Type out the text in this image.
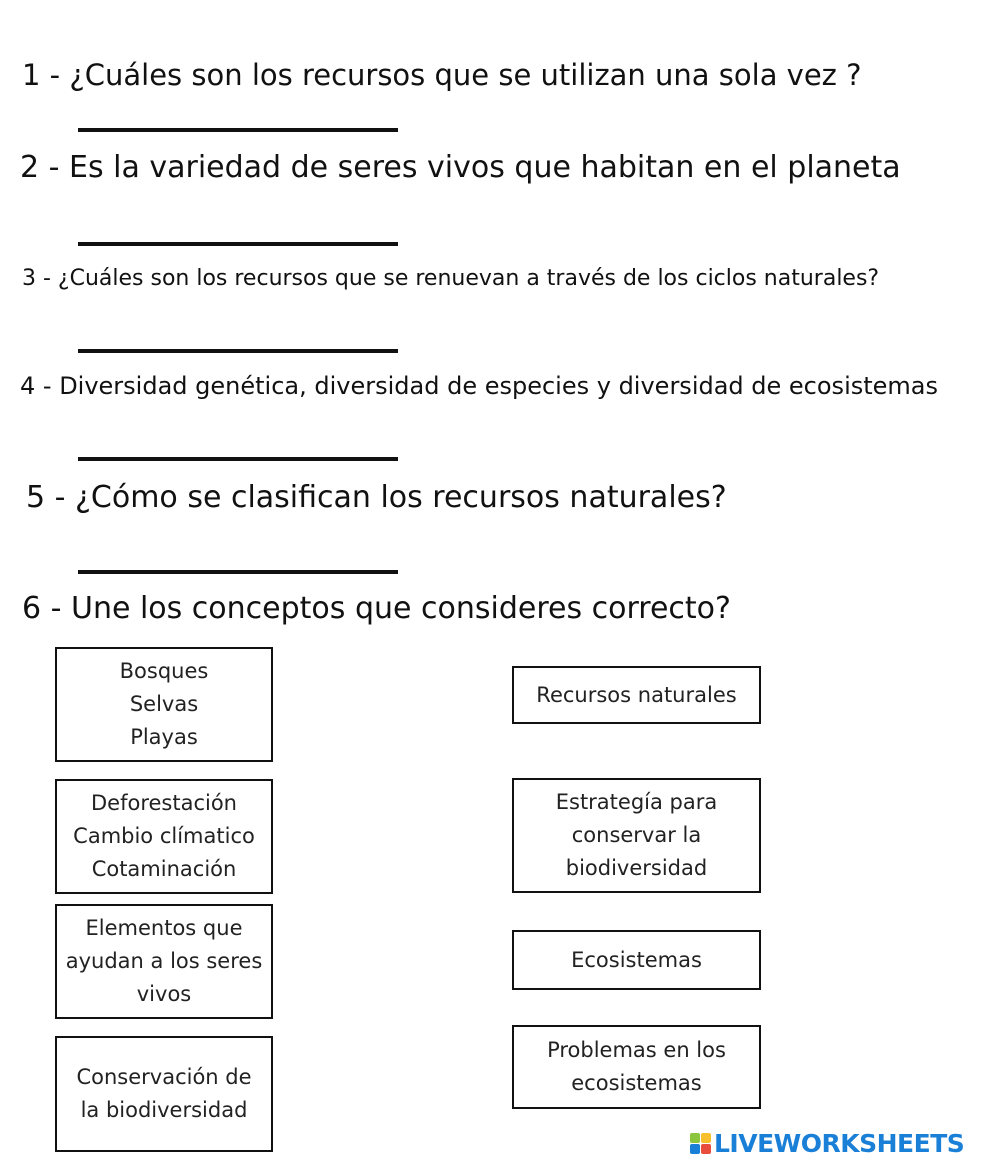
1 - ¿Cuáles son los recursos que se utilizan una sola vez ?
2 - Es la variedad de seres vivos que habitan en el planeta
3 - ¿Cuáles son los recursos que se renuevan a través de los ciclos naturales?
4 - Diversidad genética, diversidad de especies y diversidad de ecosistemas
5 - ¿Cómo se clasifican los recursos naturales?
6 - Une los conceptos que consideres correcto?
Bosques
Selvas
Playas
Deforestación
Cambio clímatico
Cotaminación
Elementos que
ayudan a los seres
vivos
Conservación de
la biodiversidad
Recursos naturales
Estrategía para
conservar la
biodiversidad
Ecosistemas
Problemas en los
ecosistemas
LIVEWORKSHEETS
